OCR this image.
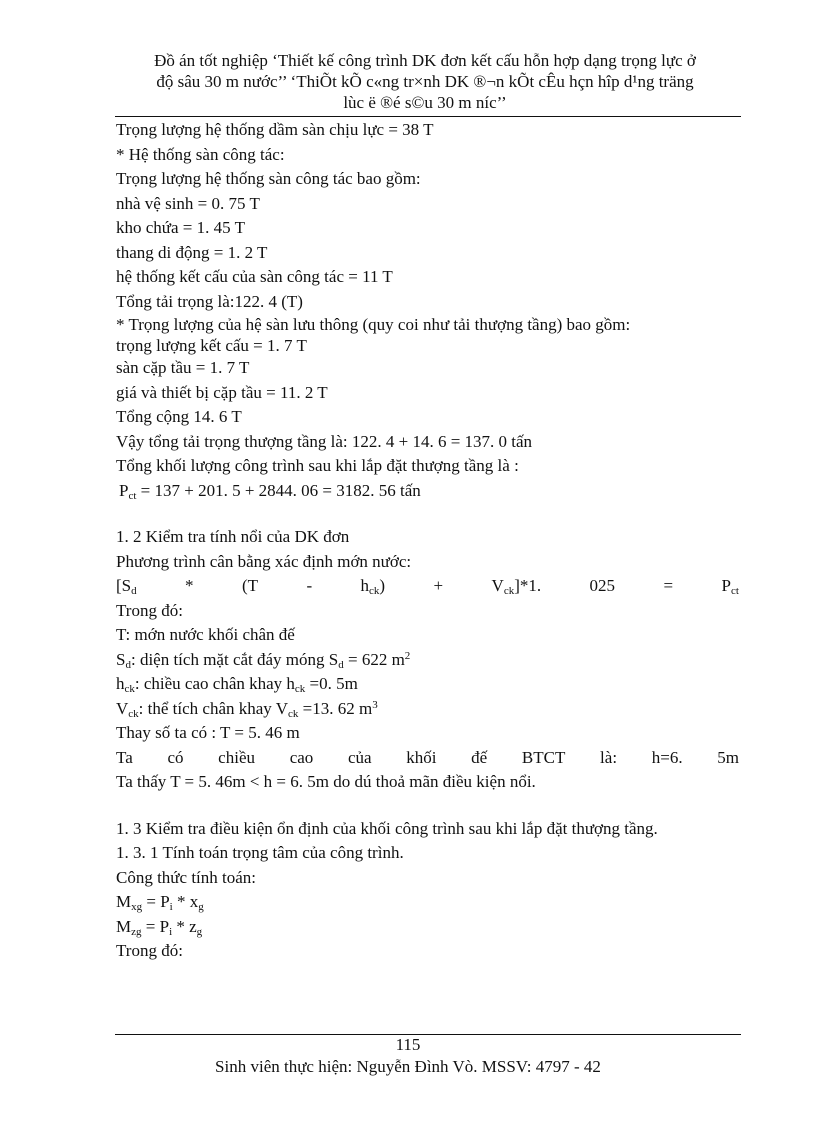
Đồ án tốt nghiệp ‘Thiết kế công trình DK đơn kết cấu hỗn hợp dạng trọng lực ở
độ sâu 30 m nước’’ ‘ThiÕt kÕ c«ng tr×nh DK ®¬n kÕt cÊu hçn hîp d¹ng träng
lùc ë ®é s©u 30 m níc’’
Trọng lượng hệ thống dầm sàn chịu lực = 38 T
* Hệ thống sàn công tác:
Trọng lượng hệ thống sàn công tác bao gồm:
nhà vệ sinh = 0. 75 T
kho chứa = 1. 45 T
thang di động = 1. 2 T
hệ thống kết cấu của sàn công tác = 11 T
Tổng tải trọng là:122. 4 (T)
* Trọng lượng của hệ sàn lưu thông (quy coi như tải thượng tầng) bao gồm:
trọng lượng kết cấu = 1. 7 T
sàn cặp tầu = 1. 7 T
giá và thiết bị cặp tầu = 11. 2 T
Tổng cộng 14. 6 T
Vậy tổng tải trọng thượng tầng là: 122. 4 + 14. 6 = 137. 0 tấn
Tổng khối lượng công trình sau khi lắp đặt thượng tầng là :
$P_{ct} = 137 + 201$. 5 + 2844. 06 = 3182. 56 tấn
1. 2 Kiểm tra tính nổi của DK đơn
Phương trình cân bằng xác định mớn nước:
[$S_d$	*	(T	-	$h_{ck}$)	+	$V_{ck}]*1$.	025	=	$P_{ct}$
Trong đó:
T: mớn nước khối chân đế
$S_d$: diện tích mặt cắt đáy móng $S_d = 622$ $m^2$
$h_{ck}$: chiều cao chân khay $h_{ck} =0$. 5m
$V_{ck}$: thể tích chân khay $V_{ck} =13$. 62 $m^3$
Thay số ta có : T = 5. 46 m
Ta có chiều cao của khối đế BTCT là: h=6. 5m
Ta thấy T = 5. 46m < h = 6. 5m do dú thoả mãn điều kiện nổi.
1. 3 Kiểm tra điều kiện ổn định của khối công trình sau khi lắp đặt thượng tầng.
1. 3. 1 Tính toán trọng tâm của công trình.
Công thức tính toán:
$M_{xg} = P_i * x_g$
$M_{zg} = P_i * z_g$
Trong đó:
115
Sinh viên thực hiện: Nguyễn Đình Vò. MSSV: 4797 - 42
